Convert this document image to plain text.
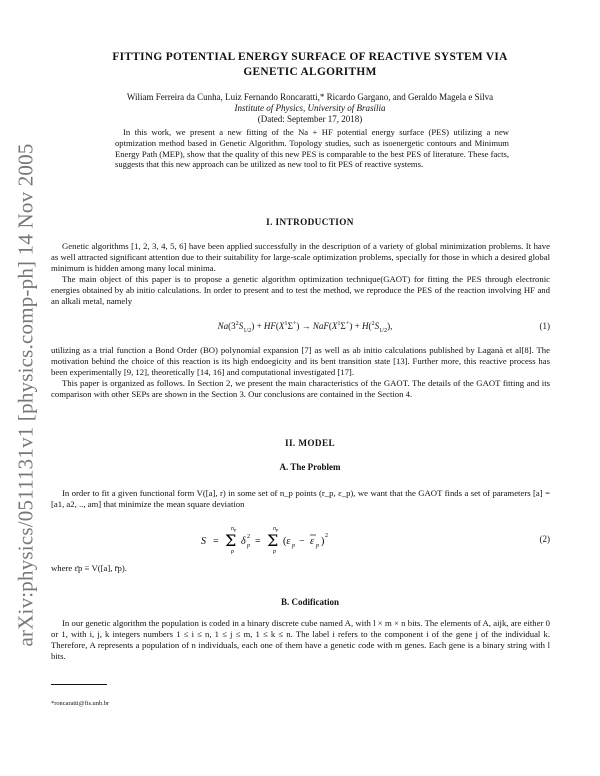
arXiv:physics/0511131v1 [physics.comp-ph] 14 Nov 2005
FITTING POTENTIAL ENERGY SURFACE OF REACTIVE SYSTEM VIA
GENETIC ALGORITHM
Wiliam Ferreira da Cunha, Luiz Fernando Roncaratti,* Ricardo Gargano, and Geraldo Magela e Silva
Institute of Physics, University of Brasília
(Dated: September 17, 2018)
In this work, we present a new fitting of the Na + HF potential energy surface (PES) utilizing a new optmization method based in Genetic Algorithm. Topology studies, such as isoenergetic contours and Minimum Energy Path (MEP), show that the quality of this new PES is comparable to the best PES of literature. These facts, suggests that this new approach can be utilized as new tool to fit PES of reactive systems.
I. INTRODUCTION

Genetic algorithms [1, 2, 3, 4, 5, 6] have been applied successfully in the description of a variety of global minimization problems. It have as well attracted significant attention due to their suitability for large-scale optimization problems, specially for those in which a desired global minimum is hidden among many local minima.

The main object of this paper is to propose a genetic algorithm optimization technique(GAOT) for fitting the PES through electronic energies obtained by ab initio calculations. In order to present and to test the method, we reproduce the PES of the reaction involving HF and an alkali metal, namely

$Na(3^2S_{1/2}) + HF(X^1\Sigma^+) \to NaF(X^1\Sigma^+) + H(^2S_{1/2})$,	(1)

utilizing as a trial function a Bond Order (BO) polynomial expansion [7] as well as ab initio calculations published by Laganà et al[8]. The motivation behind the choice of this reaction is its high endoegicity and its bent transition state [13]. Further more, this reactive process has been experimentally [9, 12], theoretically [14, 16] and computational investigated [17].

This paper is organized as follows. In Section 2, we present the main characteristics of the GAOT. The details of the GAOT fitting and its comparison with other SEPs are shown in the Section 3. Our conclusions are contained in the Section 4.

II. MODEL
A. The Problem

In order to fit a given functional form V([a], r) in some set of n_p points (r_p, ε_p), we want that the GAOT finds a set of parameters [a] = [a1, a2, .., am] that minimize the mean square deviation

S = Σ
np
p
δ 2
p = Σ
np
p
(ε p − ε p ) 2	(2)
where ε̄p ≡ V([a], r̄p).
B. Codification

In our genetic algorithm the population is coded in a binary discrete cube named A, with l × m × n bits. The elements of A, aijk, are either 0 or 1, with i, j, k integers numbers 1 ≤ i ≤ n, 1 ≤ j ≤ m, 1 ≤ k ≤ n. The label i refers to the component i of the gene j of the individual k. Therefore, A represents a population of n individuals, each one of them have a genetic code with m genes. Each gene is a binary string with l bits.

*roncaratti@fis.unb.br
